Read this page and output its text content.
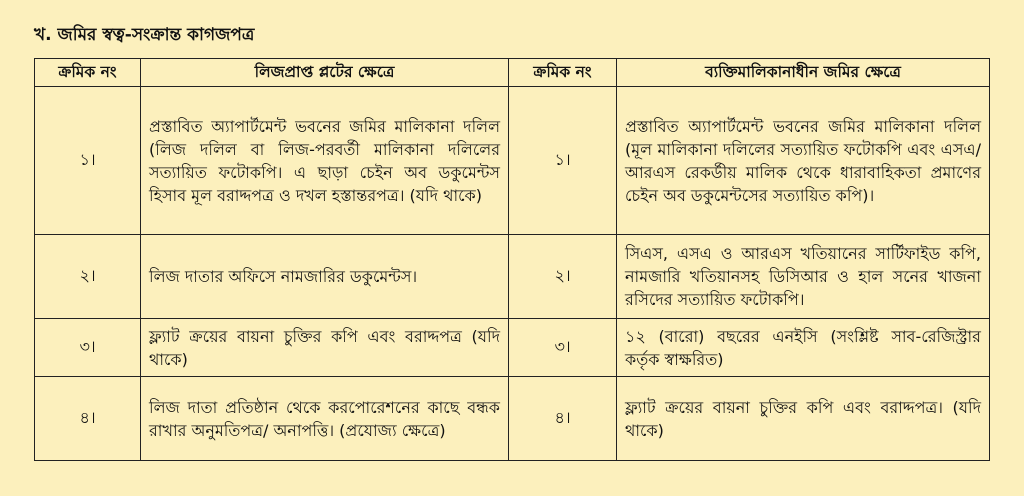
খ. জমির স্বত্ব-সংক্রান্ত কাগজপত্র
ক্রমিক নং	লিজপ্রাপ্ত প্লটের ক্ষেত্রে	ক্রমিক নং	ব্যক্তিমালিকানাধীন জমির ক্ষেত্রে
১।	প্রস্তাবিত অ্যাপার্টমেন্ট ভবনের জমির মালিকানা দলিল (লিজ দলিল বা লিজ-পরবর্তী মালিকানা দলিলের সত্যায়িত ফটোকপি। এ ছাড়া চেইন অব ডকুমেন্টস হিসাব মূল বরাদ্দপত্র ও দখল হস্তান্তরপত্র। (যদি থাকে)	১।	প্রস্তাবিত অ্যাপার্টমেন্ট ভবনের জমির মালিকানা দলিল (মূল মালিকানা দলিলের সত্যায়িত ফটোকপি এবং এসএ/আরএস রেকর্ডীয় মালিক থেকে ধারাবাহিকতা প্রমাণের চেইন অব ডকুমেন্টসের সত্যায়িত কপি)।
২।	লিজ দাতার অফিসে নামজারির ডকুমেন্টস।	২।	সিএস, এসএ ও আরএস খতিয়ানের সার্টিফাইড কপি, নামজারি খতিয়ানসহ ডিসিআর ও হাল সনের খাজনা রসিদের সত্যায়িত ফটোকপি।
৩।	ফ্ল্যাট ক্রয়ের বায়না চুক্তির কপি এবং বরাদ্দপত্র (যদি থাকে)	৩।	১২ (বারো) বছরের এনইসি (সংশ্লিষ্ট সাব-রেজিস্ট্রার কর্তৃক স্বাক্ষরিত)
৪।	লিজ দাতা প্রতিষ্ঠান থেকে করপোরেশনের কাছে বন্ধক রাখার অনুমতিপত্র/ অনাপত্তি। (প্রযোজ্য ক্ষেত্রে)	৪।	ফ্ল্যাট ক্রয়ের বায়না চুক্তির কপি এবং বরাদ্দপত্র। (যদি থাকে)
